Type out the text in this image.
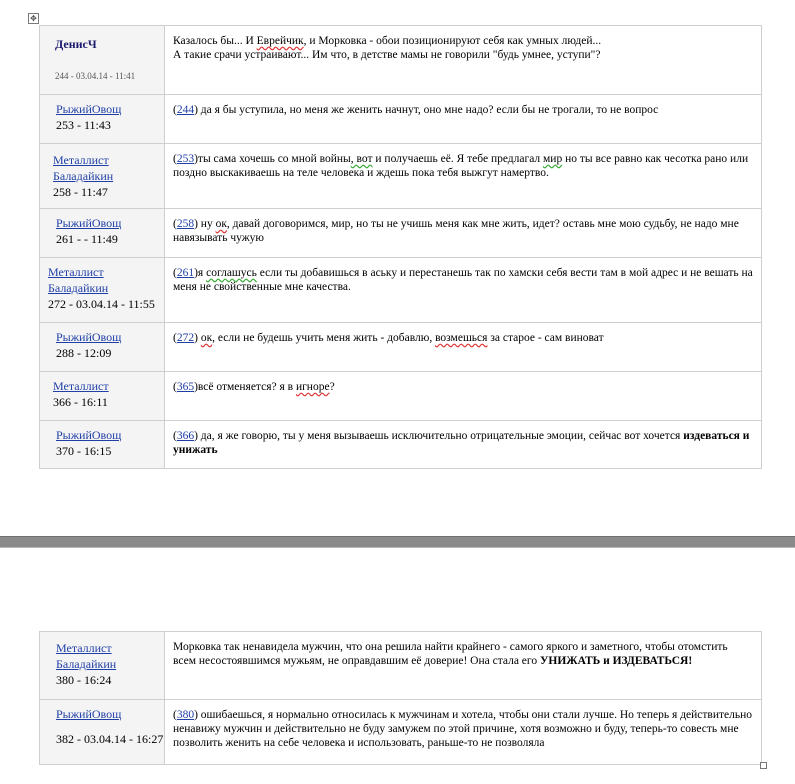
✥
ДенисЧ
244 - 03.04.14 - 11:41	Казалось бы... И Еврейчик, и Морковка - обои позиционируют себя как умных людей...
А такие срачи устраивают... Им что, в детстве мамы не говорили "будь умнее, уступи"?

РыжийОвощ
253 - 11:43	(244) да я бы уступила, но меня же женить начнут, оно мне надо? если бы не трогали, то не вопрос

Металлист Баладайкин
258 - 11:47	(253)ты сама хочешь со мной войны, вот и получаешь её. Я тебе предлагал мир но ты все равно как чесотка рано или поздно выскакиваешь на теле человека и ждешь пока тебя выжгут намертво.

РыжийОвощ
261 - - 11:49	(258) ну ок, давай договоримся, мир, но ты не учишь меня как мне жить, идет? оставь мне мою судьбу, не надо мне навязывать чужую

Металлист Баладайкин
272 - 03.04.14 - 11:55	(261)я соглашусь если ты добавишься в аську и перестанешь так по хамски себя вести там в мой адрес и не вешать на меня не свойственные мне качества.

РыжийОвощ
288 - 12:09	(272) ок, если не будешь учить меня жить - добавлю, возмешься за старое - сам виноват

Металлист
366 - 16:11	(365)всё отменяется? я в игноре?

РыжийОвощ
370 - 16:15	(366) да, я же говорю, ты у меня вызываешь исключительно отрицательные эмоции, сейчас вот хочется издеваться и унижать
Металлист Баладайкин
380 - 16:24	Морковка так ненавидела мужчин, что она решила найти крайнего - самого яркого и заметного, чтобы отомстить всем несостоявшимся мужьям, не оправдавшим её доверие! Она стала его УНИЖАТЬ и ИЗДЕВАТЬСЯ!

РыжийОвощ
382 - 03.04.14 - 16:27	(380) ошибаешься, я нормально относилась к мужчинам и хотела, чтобы они стали лучше. Но теперь я действительно ненавижу мужчин и действительно не буду замужем по этой причине, хотя возможно и буду, теперь-то совесть мне позволить женить на себе человека и использовать, раньше-то не позволяла
